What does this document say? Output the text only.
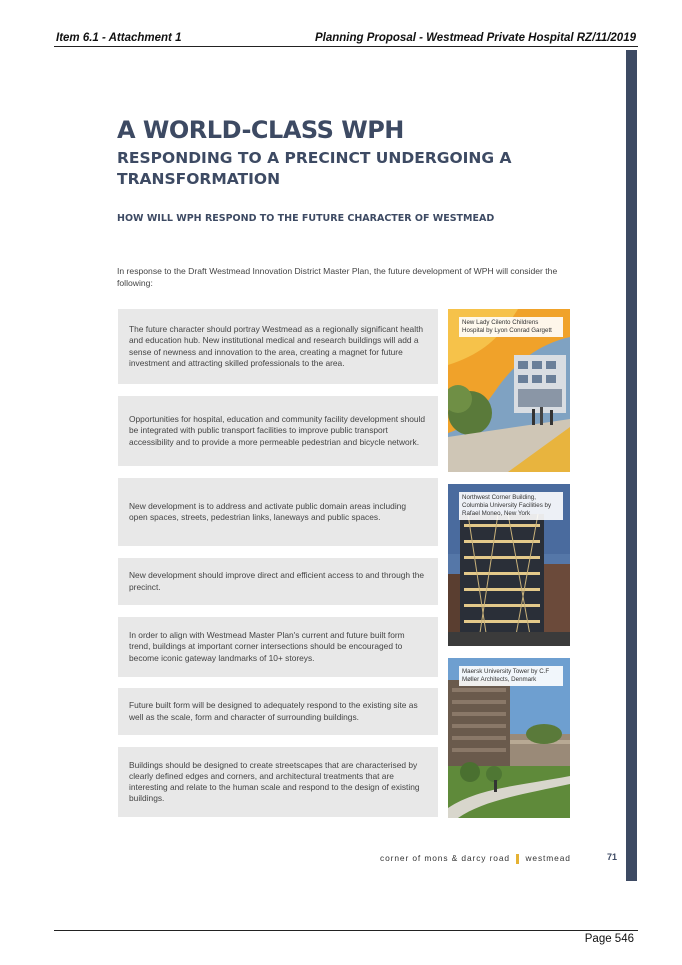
Item 6.1 - Attachment 1	Planning Proposal - Westmead Private Hospital RZ/11/2019
A WORLD-CLASS WPH
RESPONDING TO A PRECINCT UNDERGOING A TRANSFORMATION
HOW WILL WPH RESPOND TO THE FUTURE CHARACTER OF WESTMEAD

In response to the Draft Westmead Innovation District Master Plan, the future development of WPH will consider the following:

The future character should portray Westmead as a regionally significant health and education hub. New institutional medical and research buildings will add a sense of newness and innovation to the area, creating a magnet for future investment and attracting skilled professionals to the area.
Opportunities for hospital, education and community facility development should be integrated with public transport facilities to improve public transport accessibility and to provide a more permeable pedestrian and bicycle network.
New development is to address and activate public domain areas including open spaces, streets, pedestrian links, laneways and public spaces.
New development should improve direct and efficient access to and through the precinct.
In order to align with Westmead Master Plan's current and future built form trend, buildings at important corner intersections should be encouraged to become iconic gateway landmarks of 10+ storeys.
Future built form will be designed to adequately respond to the existing site as well as the scale, form and character of surrounding buildings.
Buildings should be designed to create streetscapes that are characterised by clearly defined edges and corners, and architectural treatments that are interesting and relate to the human scale and respond to the design of existing buildings.
New Lady Cilento Childrens Hospital by Lyon Conrad Gargett
Northwest Corner Building, Columbia University Facilities by Rafael Moneo, New York
Maersk University Tower by C.F Møller Architects, Denmark
corner of mons & darcy road westmead	71
Page 546
